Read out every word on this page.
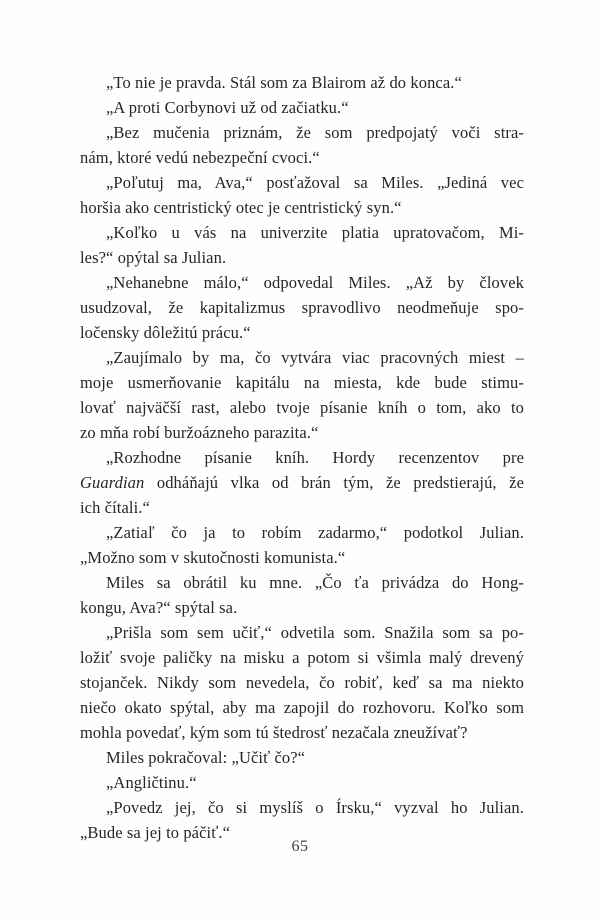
„To nie je pravda. Stál som za Blairom až do konca.“
„A proti Corbynovi už od začiatku.“
„Bez mučenia priznám, že som predpojatý voči stra-
nám, ktoré vedú nebezpeční cvoci.“
„Poľutuj ma, Ava,“ posťažoval sa Miles. „Jediná vec
horšia ako centristický otec je centristický syn.“
„Koľko u vás na univerzite platia upratovačom, Mi-
les?“ opýtal sa Julian.
„Nehanebne málo,“ odpovedal Miles. „Až by človek
usudzoval, že kapitalizmus spravodlivo neodmeňuje spo-
ločensky dôležitú prácu.“
„Zaujímalo by ma, čo vytvára viac pracovných miest –
moje usmerňovanie kapitálu na miesta, kde bude stimu-
lovať najväčší rast, alebo tvoje písanie kníh o tom, ako to
zo mňa robí buržoázneho parazita.“
„Rozhodne písanie kníh. Hordy recenzentov pre
Guardian odháňajú vlka od brán tým, že predstierajú, že
ich čítali.“
„Zatiaľ čo ja to robím zadarmo,“ podotkol Julian.
„Možno som v skutočnosti komunista.“
Miles sa obrátil ku mne. „Čo ťa privádza do Hong-
kongu, Ava?“ spýtal sa.
„Prišla som sem učiť,“ odvetila som. Snažila som sa po-
ložiť svoje paličky na misku a potom si všimla malý drevený
stojanček. Nikdy som nevedela, čo robiť, keď sa ma niekto
niečo okato spýtal, aby ma zapojil do rozhovoru. Koľko som
mohla povedať, kým som tú štedrosť nezačala zneužívať?
Miles pokračoval: „Učiť čo?“
„Angličtinu.“
„Povedz jej, čo si myslíš o Írsku,“ vyzval ho Julian.
„Bude sa jej to páčiť.“
65
